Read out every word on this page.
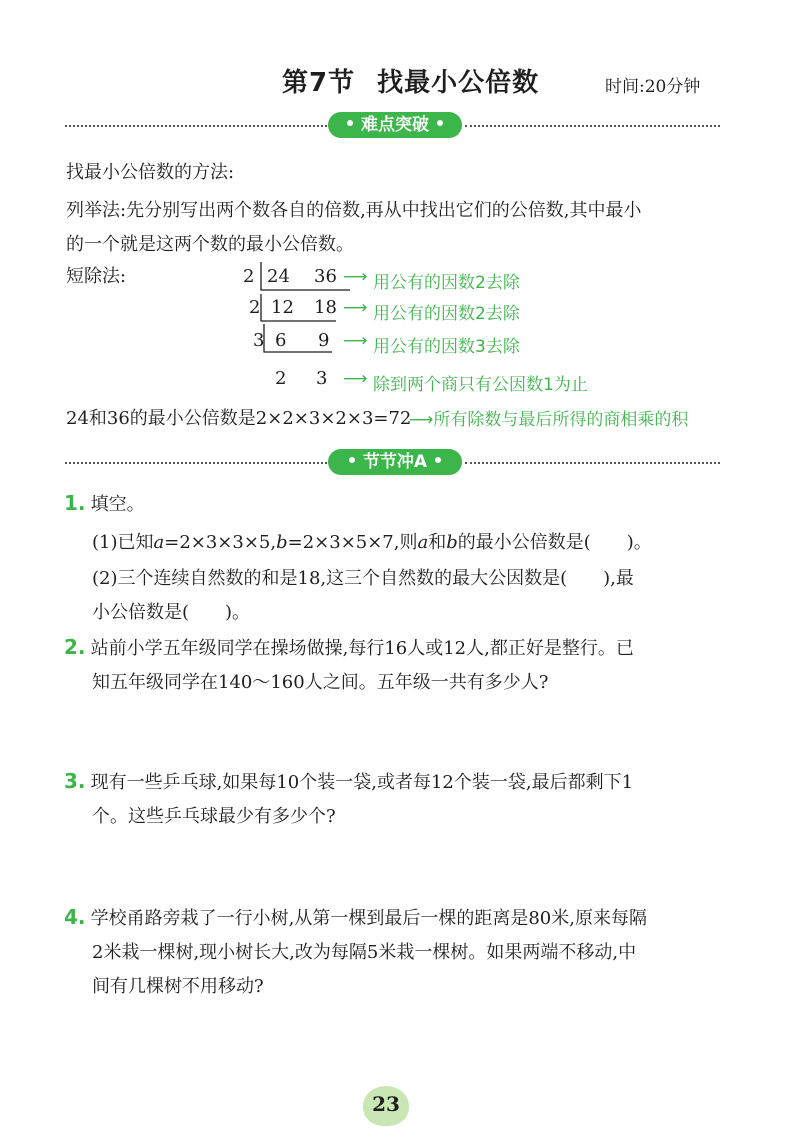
第7节 找最小公倍数	时间:20分钟
难点突破
找最小公倍数的方法:
列举法:先分别写出两个数各自的倍数,再从中找出它们的公倍数,其中最小
的一个就是这两个数的最小公倍数。
短除法:	2 24 36 ⟶ 用公有的因数2去除
2 12 18 ⟶ 用公有的因数2去除
3 6 9 ⟶ 用公有的因数3去除
2 3 ⟶ 除到两个商只有公因数1为止
24和36的最小公倍数是2×2×3×2×3=72
⟶所有除数与最后所得的商相乘的积
节节冲A
1. 填空。
(1)已知a=2×3×3×5,b=2×3×5×7,则a和b的最小公倍数是(　　)。
(2)三个连续自然数的和是18,这三个自然数的最大公因数是(　　),最
小公倍数是(　　)。
2. 站前小学五年级同学在操场做操,每行16人或12人,都正好是整行。已
知五年级同学在140～160人之间。五年级一共有多少人?
3. 现有一些乒乓球,如果每10个装一袋,或者每12个装一袋,最后都剩下1
个。这些乒乓球最少有多少个?
4. 学校甬路旁栽了一行小树,从第一棵到最后一棵的距离是80米,原来每隔
2米栽一棵树,现小树长大,改为每隔5米栽一棵树。如果两端不移动,中
间有几棵树不用移动?
23
